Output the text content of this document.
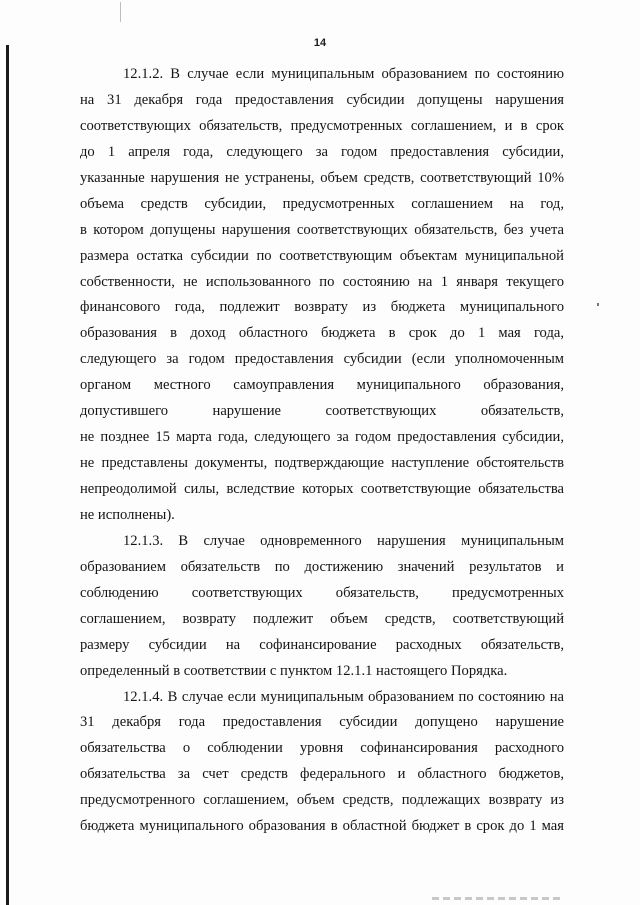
14
12.1.2. В случае если муниципальным образованием по состоянию
на 31 декабря года предоставления субсидии допущены нарушения
соответствующих обязательств, предусмотренных соглашением, и в срок
до 1 апреля года, следующего за годом предоставления субсидии,
указанные нарушения не устранены, объем средств, соответствующий 10%
объема средств субсидии, предусмотренных соглашением на год,
в котором допущены нарушения соответствующих обязательств, без учета
размера остатка субсидии по соответствующим объектам муниципальной
собственности, не использованного по состоянию на 1 января текущего
финансового года, подлежит возврату из бюджета муниципального
образования в доход областного бюджета в срок до 1 мая года,
следующего за годом предоставления субсидии (если уполномоченным
органом местного самоуправления муниципального образования,
допустившего нарушение соответствующих обязательств,
не позднее 15 марта года, следующего за годом предоставления субсидии,
не представлены документы, подтверждающие наступление обстоятельств
непреодолимой силы, вследствие которых соответствующие обязательства
не исполнены).
12.1.3. В случае одновременного нарушения муниципальным
образованием обязательств по достижению значений результатов и
соблюдению соответствующих обязательств, предусмотренных
соглашением, возврату подлежит объем средств, соответствующий
размеру субсидии на софинансирование расходных обязательств,
определенный в соответствии с пунктом 12.1.1 настоящего Порядка.
12.1.4. В случае если муниципальным образованием по состоянию на
31 декабря года предоставления субсидии допущено нарушение
обязательства о соблюдении уровня софинансирования расходного
обязательства за счет средств федерального и областного бюджетов,
предусмотренного соглашением, объем средств, подлежащих возврату из
бюджета муниципального образования в областной бюджет в срок до 1 мая
